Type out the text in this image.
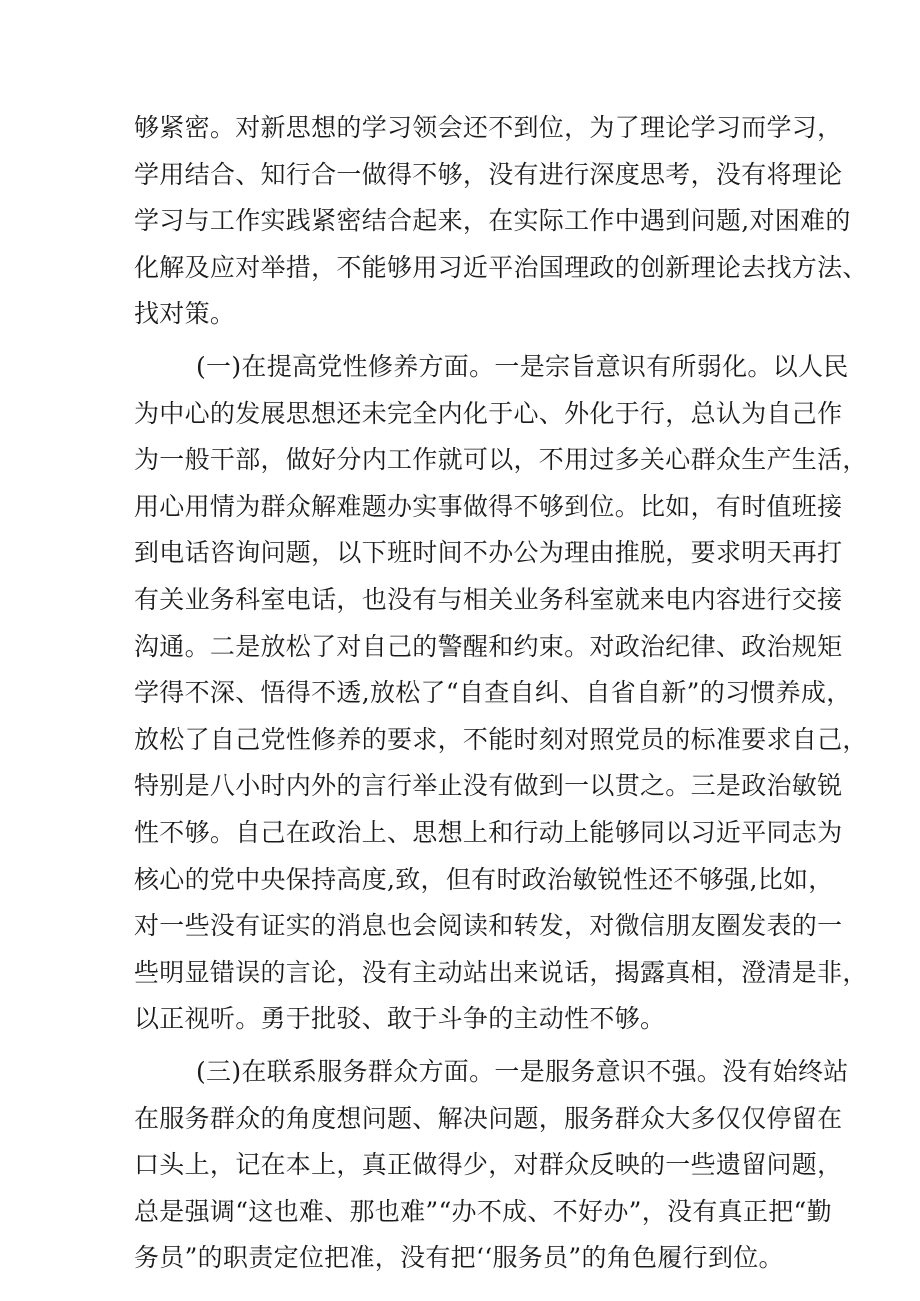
够紧密。对新思想的学习领会还不到位，为了理论学习而学习，
学用结合、知行合一做得不够，没有进行深度思考，没有将理论
学习与工作实践紧密结合起来，在实际工作中遇到问题,对困难的
化解及应对举措，不能够用习近平治国理政的创新理论去找方法、
找对策。
(一)在提高党性修养方面。一是宗旨意识有所弱化。以人民
为中心的发展思想还未完全内化于心、外化于行，总认为自己作
为一般干部，做好分内工作就可以，不用过多关心群众生产生活，
用心用情为群众解难题办实事做得不够到位。比如，有时值班接
到电话咨询问题，以下班时间不办公为理由推脱，要求明天再打
有关业务科室电话，也没有与相关业务科室就来电内容进行交接
沟通。二是放松了对自己的警醒和约束。对政治纪律、政治规矩
学得不深、悟得不透,放松了“自查自纠、自省自新”的习惯养成，
放松了自己党性修养的要求，不能时刻对照党员的标准要求自己，
特别是八小时内外的言行举止没有做到一以贯之。三是政治敏锐
性不够。自己在政治上、思想上和行动上能够同以习近平同志为
核心的党中央保持高度,致，但有时政治敏锐性还不够强,比如，
对一些没有证实的消息也会阅读和转发，对微信朋友圈发表的一
些明显错误的言论，没有主动站出来说话，揭露真相，澄清是非，
以正视听。勇于批驳、敢于斗争的主动性不够。
(三)在联系服务群众方面。一是服务意识不强。没有始终站
在服务群众的角度想问题、解决问题，服务群众大多仅仅停留在
口头上，记在本上，真正做得少，对群众反映的一些遗留问题，
总是强调“这也难、那也难”“办不成、不好办”，没有真正把“勤
务员”的职责定位把准，没有把‘‘服务员”的角色履行到位。
